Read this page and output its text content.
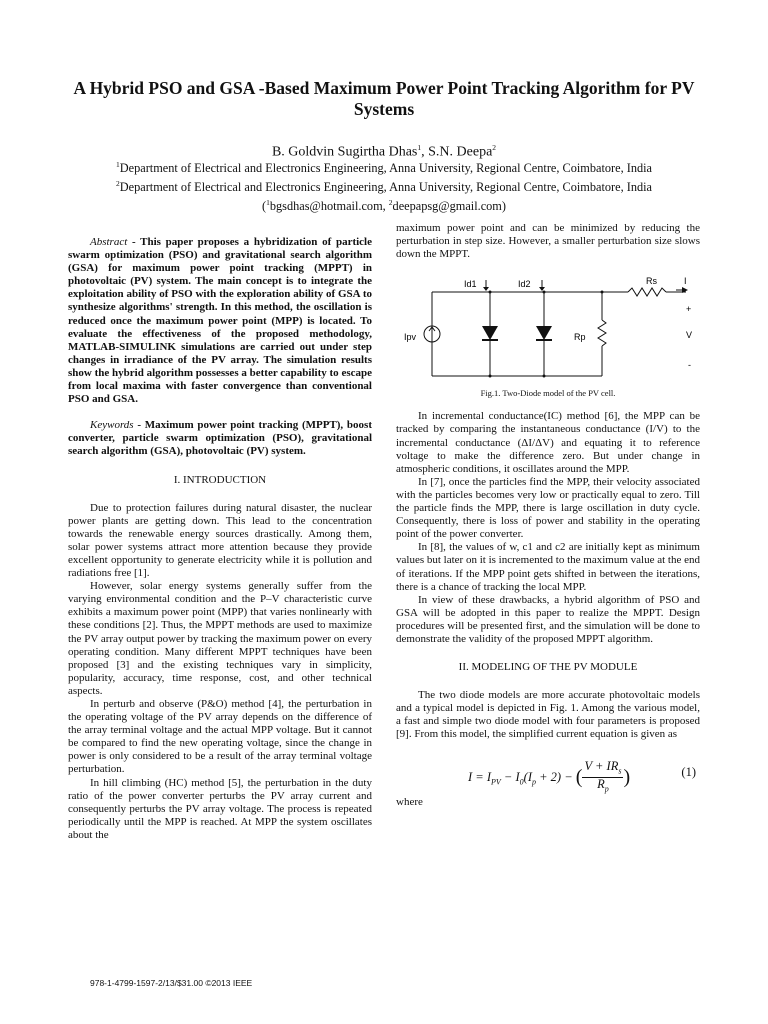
A Hybrid PSO and GSA -Based Maximum Power Point Tracking Algorithm for PV Systems
B. Goldvin Sugirtha Dhas$^1$, S.N. Deepa$^2$
$^1$Department of Electrical and Electronics Engineering, Anna University, Regional Centre, Coimbatore, India
$^2$Department of Electrical and Electronics Engineering, Anna University, Regional Centre, Coimbatore, India
($^1$bgsdhas@hotmail.com, $^2$deepapsg@gmail.com)

Abstract - This paper proposes a hybridization of particle swarm optimization (PSO) and gravitational search algorithm (GSA) for maximum power point tracking (MPPT) in photovoltaic (PV) system. The main concept is to integrate the exploitation ability of PSO with the exploration ability of GSA to synthesize algorithms' strength. In this method, the oscillation is reduced once the maximum power point (MPP) is located. To evaluate the effectiveness of the proposed methodology, MATLAB-SIMULINK simulations are carried out under step changes in irradiance of the PV array. The simulation results show the hybrid algorithm possesses a better capability to escape from local maxima with faster convergence than conventional PSO and GSA.

Keywords - Maximum power point tracking (MPPT), boost converter, particle swarm optimization (PSO), gravitational search algorithm (GSA), photovoltaic (PV) system.

I. INTRODUCTION

Due to protection failures during natural disaster, the nuclear power plants are getting down. This lead to the concentration towards the renewable energy sources drastically. Among them, solar power systems attract more attention because they provide excellent opportunity to generate electricity while it is pollution and radiations free [1].

However, solar energy systems generally suffer from the varying environmental condition and the P–V characteristic curve exhibits a maximum power point (MPP) that varies nonlinearly with these conditions [2]. Thus, the MPPT methods are used to maximize the PV array output power by tracking the maximum power on every operating condition. Many different MPPT techniques have been proposed [3] and the existing techniques vary in simplicity, popularity, accuracy, time response, cost, and other technical aspects.

In perturb and observe (P&O) method [4], the perturbation in the operating voltage of the PV array depends on the difference of the array terminal voltage and the actual MPP voltage. But it cannot be compared to find the new operating voltage, since the change in power is only considered to be a result of the array terminal voltage perturbation.

In hill climbing (HC) method [5], the perturbation in the duty ratio of the power converter perturbs the PV array current and consequently perturbs the PV array voltage. The process is repeated periodically until the MPP is reached. At MPP the system oscillates about the

maximum power point and can be minimized by reducing the perturbation in step size. However, a smaller perturbation size slows down the MPPT.

Rs	I
Id1	Id2
Ipv	Rp
+
V
-
Fig.1. Two-Diode model of the PV cell.

In incremental conductance(IC) method [6], the MPP can be tracked by comparing the instantaneous conductance (I/V) to the incremental conductance (ΔI/ΔV) and equating it to reference voltage to make the difference zero. But under change in atmospheric conditions, it oscillates around the MPP.

In [7], once the particles find the MPP, their velocity associated with the particles becomes very low or practically equal to zero. Till the particle finds the MPP, there is large oscillation in duty cycle. Consequently, there is loss of power and stability in the operating point of the power converter.

In [8], the values of w, c1 and c2 are initially kept as minimum values but later on it is incremented to the maximum value at the end of iterations. If the MPP point gets shifted in between the iterations, there is a chance of tracking the local MPP.

In view of these drawbacks, a hybrid algorithm of PSO and GSA will be adopted in this paper to realize the MPPT. Design procedures will be presented first, and the simulation will be done to demonstrate the validity of the proposed MPPT algorithm.

II. MODELING OF THE PV MODULE

The two diode models are more accurate photovoltaic models and a typical model is depicted in Fig. 1. Among the various model, a fast and simple two diode model with four parameters is proposed [9]. From this model, the simplified current equation is given as

$I = I_{PV} - I_0(I_p + 2)$ − (
$V + IR_s$
$R_p$
)	(1)

where

978-1-4799-1597-2/13/$31.00 ©2013 IEEE
